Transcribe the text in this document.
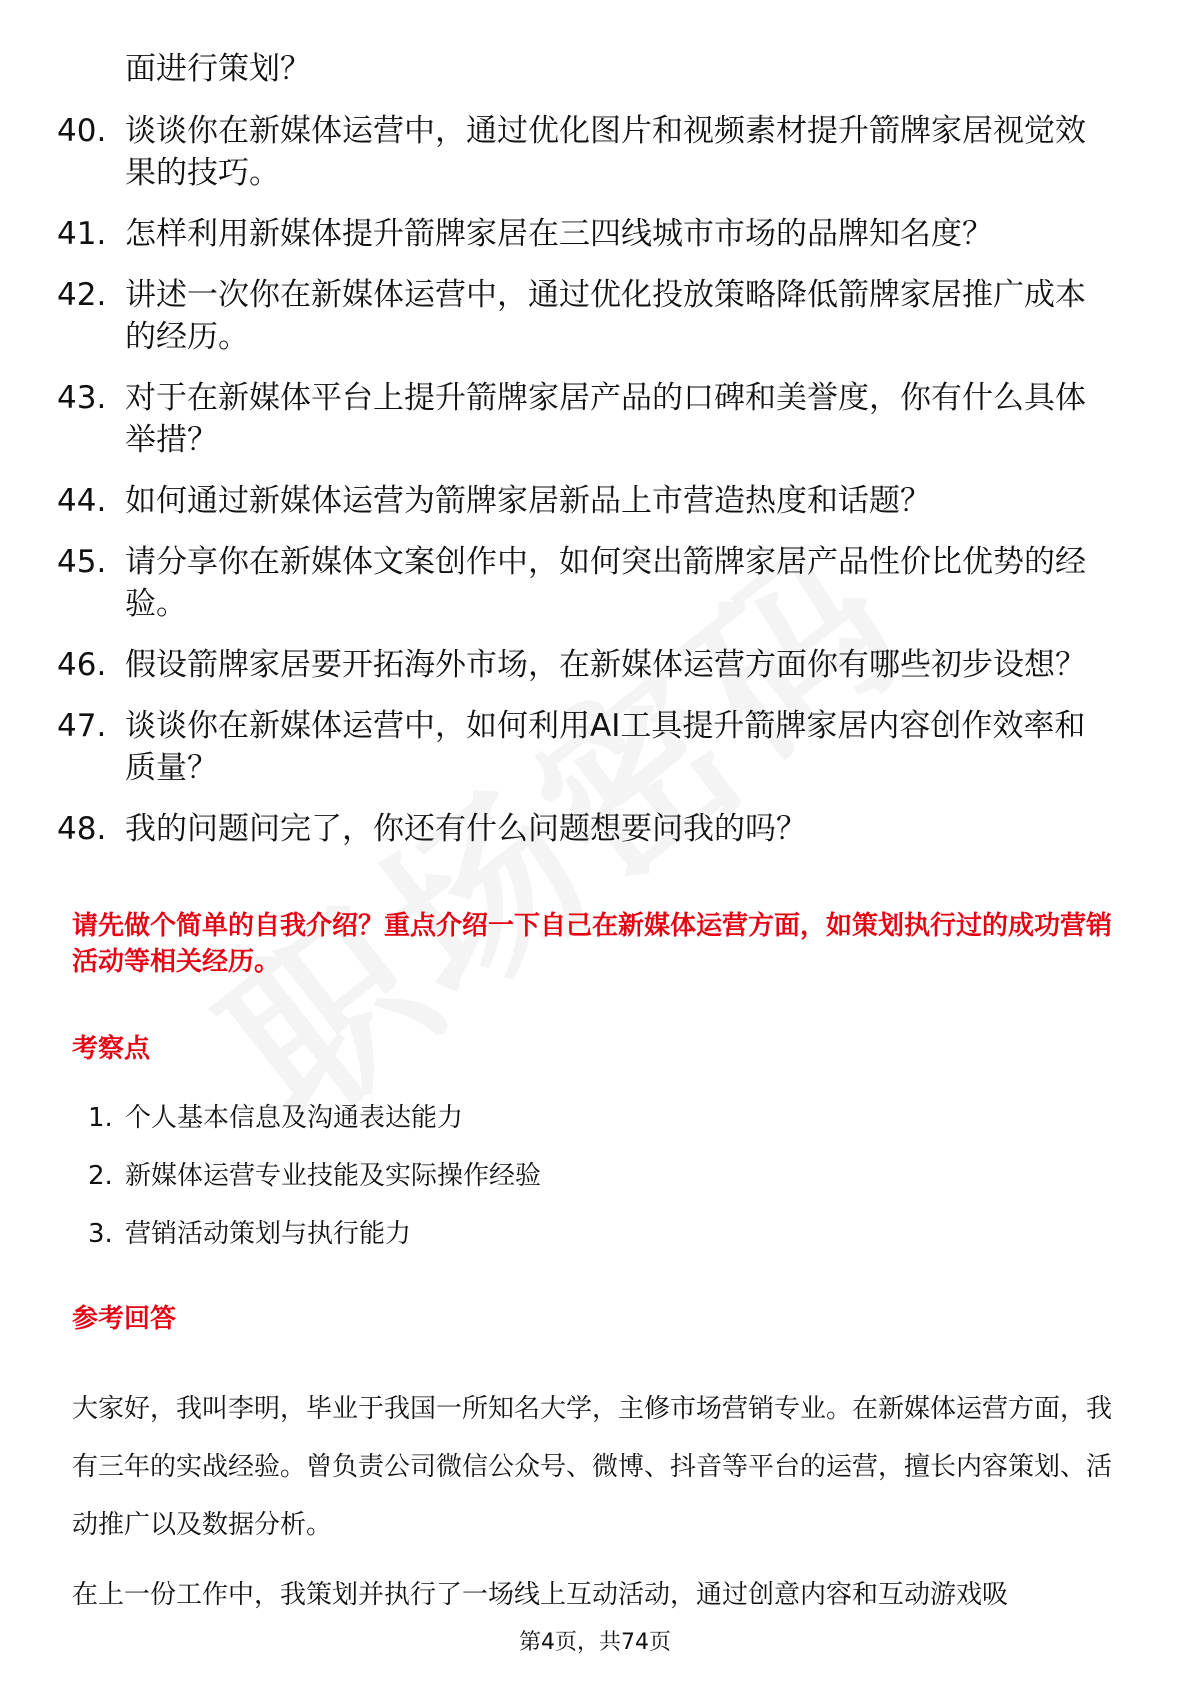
面进行策划？

40. 谈谈你在新媒体运营中，通过优化图片和视频素材提升箭牌家居视觉效果的技巧。
41. 怎样利用新媒体提升箭牌家居在三四线城市市场的品牌知名度？
42. 讲述一次你在新媒体运营中，通过优化投放策略降低箭牌家居推广成本的经历。
43. 对于在新媒体平台上提升箭牌家居产品的口碑和美誉度，你有什么具体举措？
44. 如何通过新媒体运营为箭牌家居新品上市营造热度和话题？
45. 请分享你在新媒体文案创作中，如何突出箭牌家居产品性价比优势的经验。
46. 假设箭牌家居要开拓海外市场，在新媒体运营方面你有哪些初步设想？
47. 谈谈你在新媒体运营中，如何利用AI工具提升箭牌家居内容创作效率和质量？
48. 我的问题问完了，你还有什么问题想要问我的吗？

请先做个简单的自我介绍？重点介绍一下自己在新媒体运营方面，如策划执行过的成功营销活动等相关经历。

考察点

1. 个人基本信息及沟通表达能力
2. 新媒体运营专业技能及实际操作经验
3. 营销活动策划与执行能力

参考回答

大家好，我叫李明，毕业于我国一所知名大学，主修市场营销专业。在新媒体运营方面，我有三年的实战经验。曾负责公司微信公众号、微博、抖音等平台的运营，擅长内容策划、活动推广以及数据分析。

在上一份工作中，我策划并执行了一场线上互动活动，通过创意内容和互动游戏吸

第4页，共74页
